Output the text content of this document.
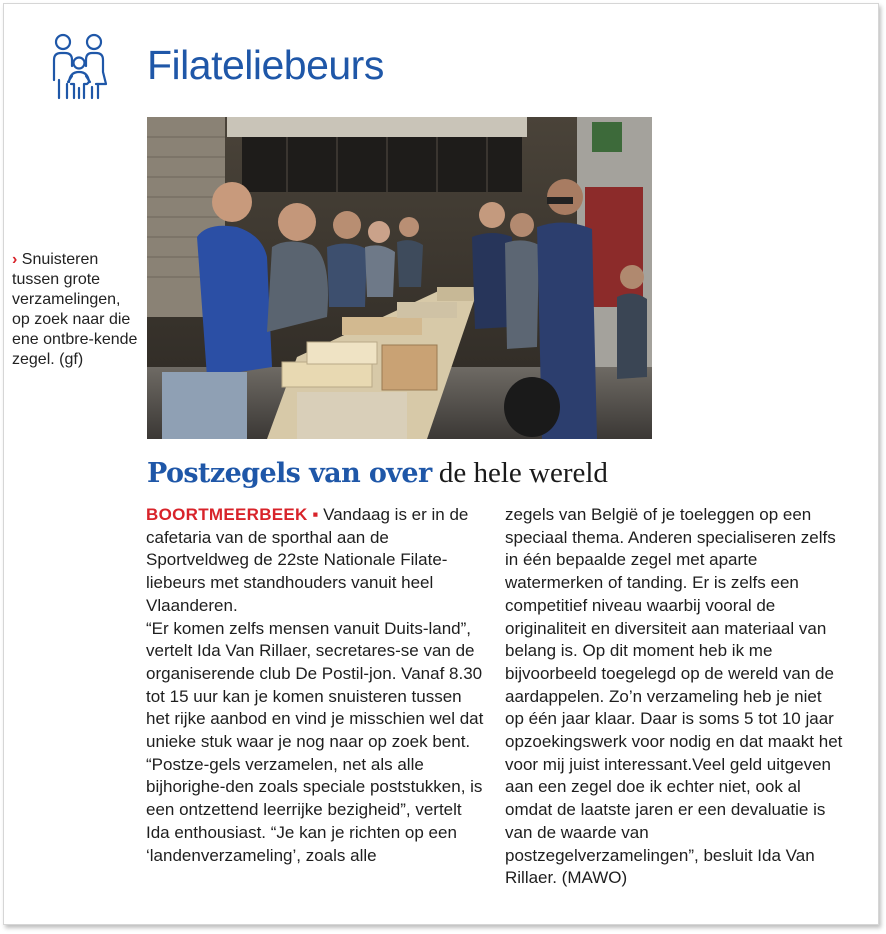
Filateliebeurs
› Snuisteren tussen grote verzamelingen, op zoek naar die ene ontbre-kende zegel. (gf)
Postzegels van over de hele wereld

BOORTMEERBEEK ▪ Vandaag is er in de cafetaria van de sporthal aan de Sportveldweg de 22ste Nationale Filate-liebeurs met standhouders vanuit heel Vlaanderen.

“Er komen zelfs mensen vanuit Duits-land”, vertelt Ida Van Rillaer, secretares-se van de organiserende club De Postil-jon. Vanaf 8.30 tot 15 uur kan je komen snuisteren tussen het rijke aanbod en vind je misschien wel dat unieke stuk waar je nog naar op zoek bent. “Postze-gels verzamelen, net als alle bijhorighe-den zoals speciale poststukken, is een ontzettend leerrijke bezigheid”, vertelt Ida enthousiast. “Je kan je richten op een ‘landenverzameling’, zoals alle

zegels van België of je toeleggen op een speciaal thema. Anderen specialiseren zelfs in één bepaalde zegel met aparte watermerken of tanding. Er is zelfs een competitief niveau waarbij vooral de originaliteit en diversiteit aan materiaal van belang is. Op dit moment heb ik me bijvoorbeeld toegelegd op de wereld van de aardappelen. Zo’n verzameling heb je niet op één jaar klaar. Daar is soms 5 tot 10 jaar opzoekingswerk voor nodig en dat maakt het voor mij juist interessant.Veel geld uitgeven aan een zegel doe ik echter niet, ook al omdat de laatste jaren er een devaluatie is van de waarde van postzegelverzamelingen”, besluit Ida Van Rillaer. (MAWO)
